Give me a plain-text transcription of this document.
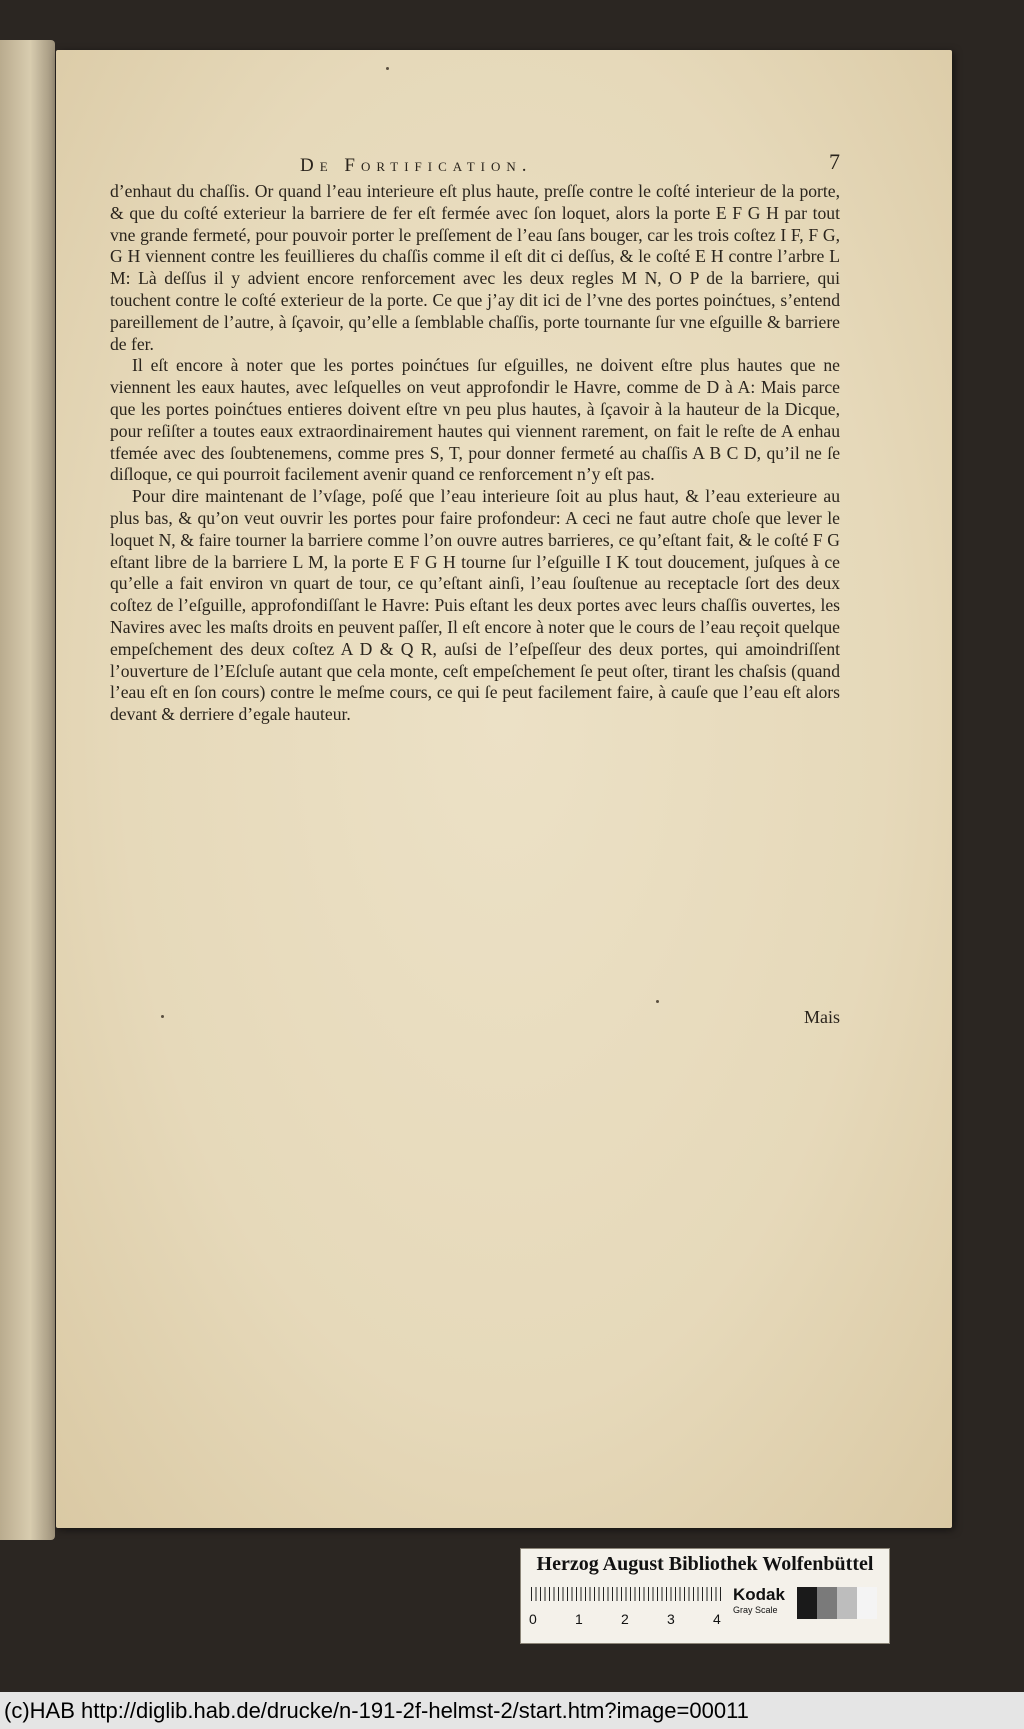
De Fortification.	7

d’enhaut du chaſſis. Or quand l’eau interieure eſt plus haute, preſſe contre le coſté interieur de la porte, & que du coſté exterieur la barriere de fer eſt fermée avec ſon loquet, alors la porte E F G H par tout vne grande fermeté, pour pouvoir porter le preſſement de l’eau ſans bouger, car les trois coſtez I F, F G, G H viennent contre les feuillieres du chaſſis comme il eſt dit ci deſſus, & le coſté E H contre l’arbre L M: Là deſſus il y advient encore renforcement avec les deux regles M N, O P de la barriere, qui touchent contre le coſté exterieur de la porte. Ce que j’ay dit ici de l’vne des portes poinćtues, s’entend pareillement de l’autre, à ſçavoir, qu’elle a ſemblable chaſſis, porte tournante ſur vne eſguille & barriere de fer.

Il eſt encore à noter que les portes poinćtues ſur eſguilles, ne doivent eſtre plus hautes que ne viennent les eaux hautes, avec leſquelles on veut approfondir le Havre, comme de D à A: Mais parce que les portes poinćtues entieres doivent eſtre vn peu plus hautes, à ſçavoir à la hauteur de la Dicque, pour reſiſter a toutes eaux extraordinairement hautes qui viennent rarement, on fait le reſte de A enhau tfemée avec des ſoubtenemens, comme pres S, T, pour donner fermeté au chaſſis A B C D, qu’il ne ſe diſloque, ce qui pourroit facilement avenir quand ce renforcement n’y eſt pas.

Pour dire maintenant de l’vſage, poſé que l’eau interieure ſoit au plus haut, & l’eau exterieure au plus bas, & qu’on veut ouvrir les portes pour faire profondeur: A ceci ne faut autre choſe que lever le loquet N, & faire tourner la barriere comme l’on ouvre autres barrieres, ce qu’eſtant fait, & le coſté F G eſtant libre de la barriere L M, la porte E F G H tourne ſur l’eſguille I K tout doucement, juſques à ce qu’elle a fait environ vn quart de tour, ce qu’eſtant ainſi, l’eau ſouſtenue au receptacle ſort des deux coſtez de l’eſguille, approfondiſſant le Havre: Puis eſtant les deux portes avec leurs chaſſis ouvertes, les Navires avec les maſts droits en peuvent paſſer, Il eſt encore à noter que le cours de l’eau reçoit quelque empeſchement des deux coſtez A D & Q R, auſsi de l’eſpeſſeur des deux portes, qui amoindriſſent l’ouverture de l’Eſcluſe autant que cela monte, ceſt empeſchement ſe peut oſter, tirant les chaſsis (quand l’eau eſt en ſon cours) contre le meſme cours, ce qui ſe peut facilement faire, à cauſe que l’eau eſt alors devant & derriere d’egale hauteur.

Mais
Herzog August Bibliothek Wolfenbüttel
0	1	2	3	4
Kodak
Gray Scale
(c)HAB http://diglib.hab.de/drucke/n-191-2f-helmst-2/start.htm?image=00011
